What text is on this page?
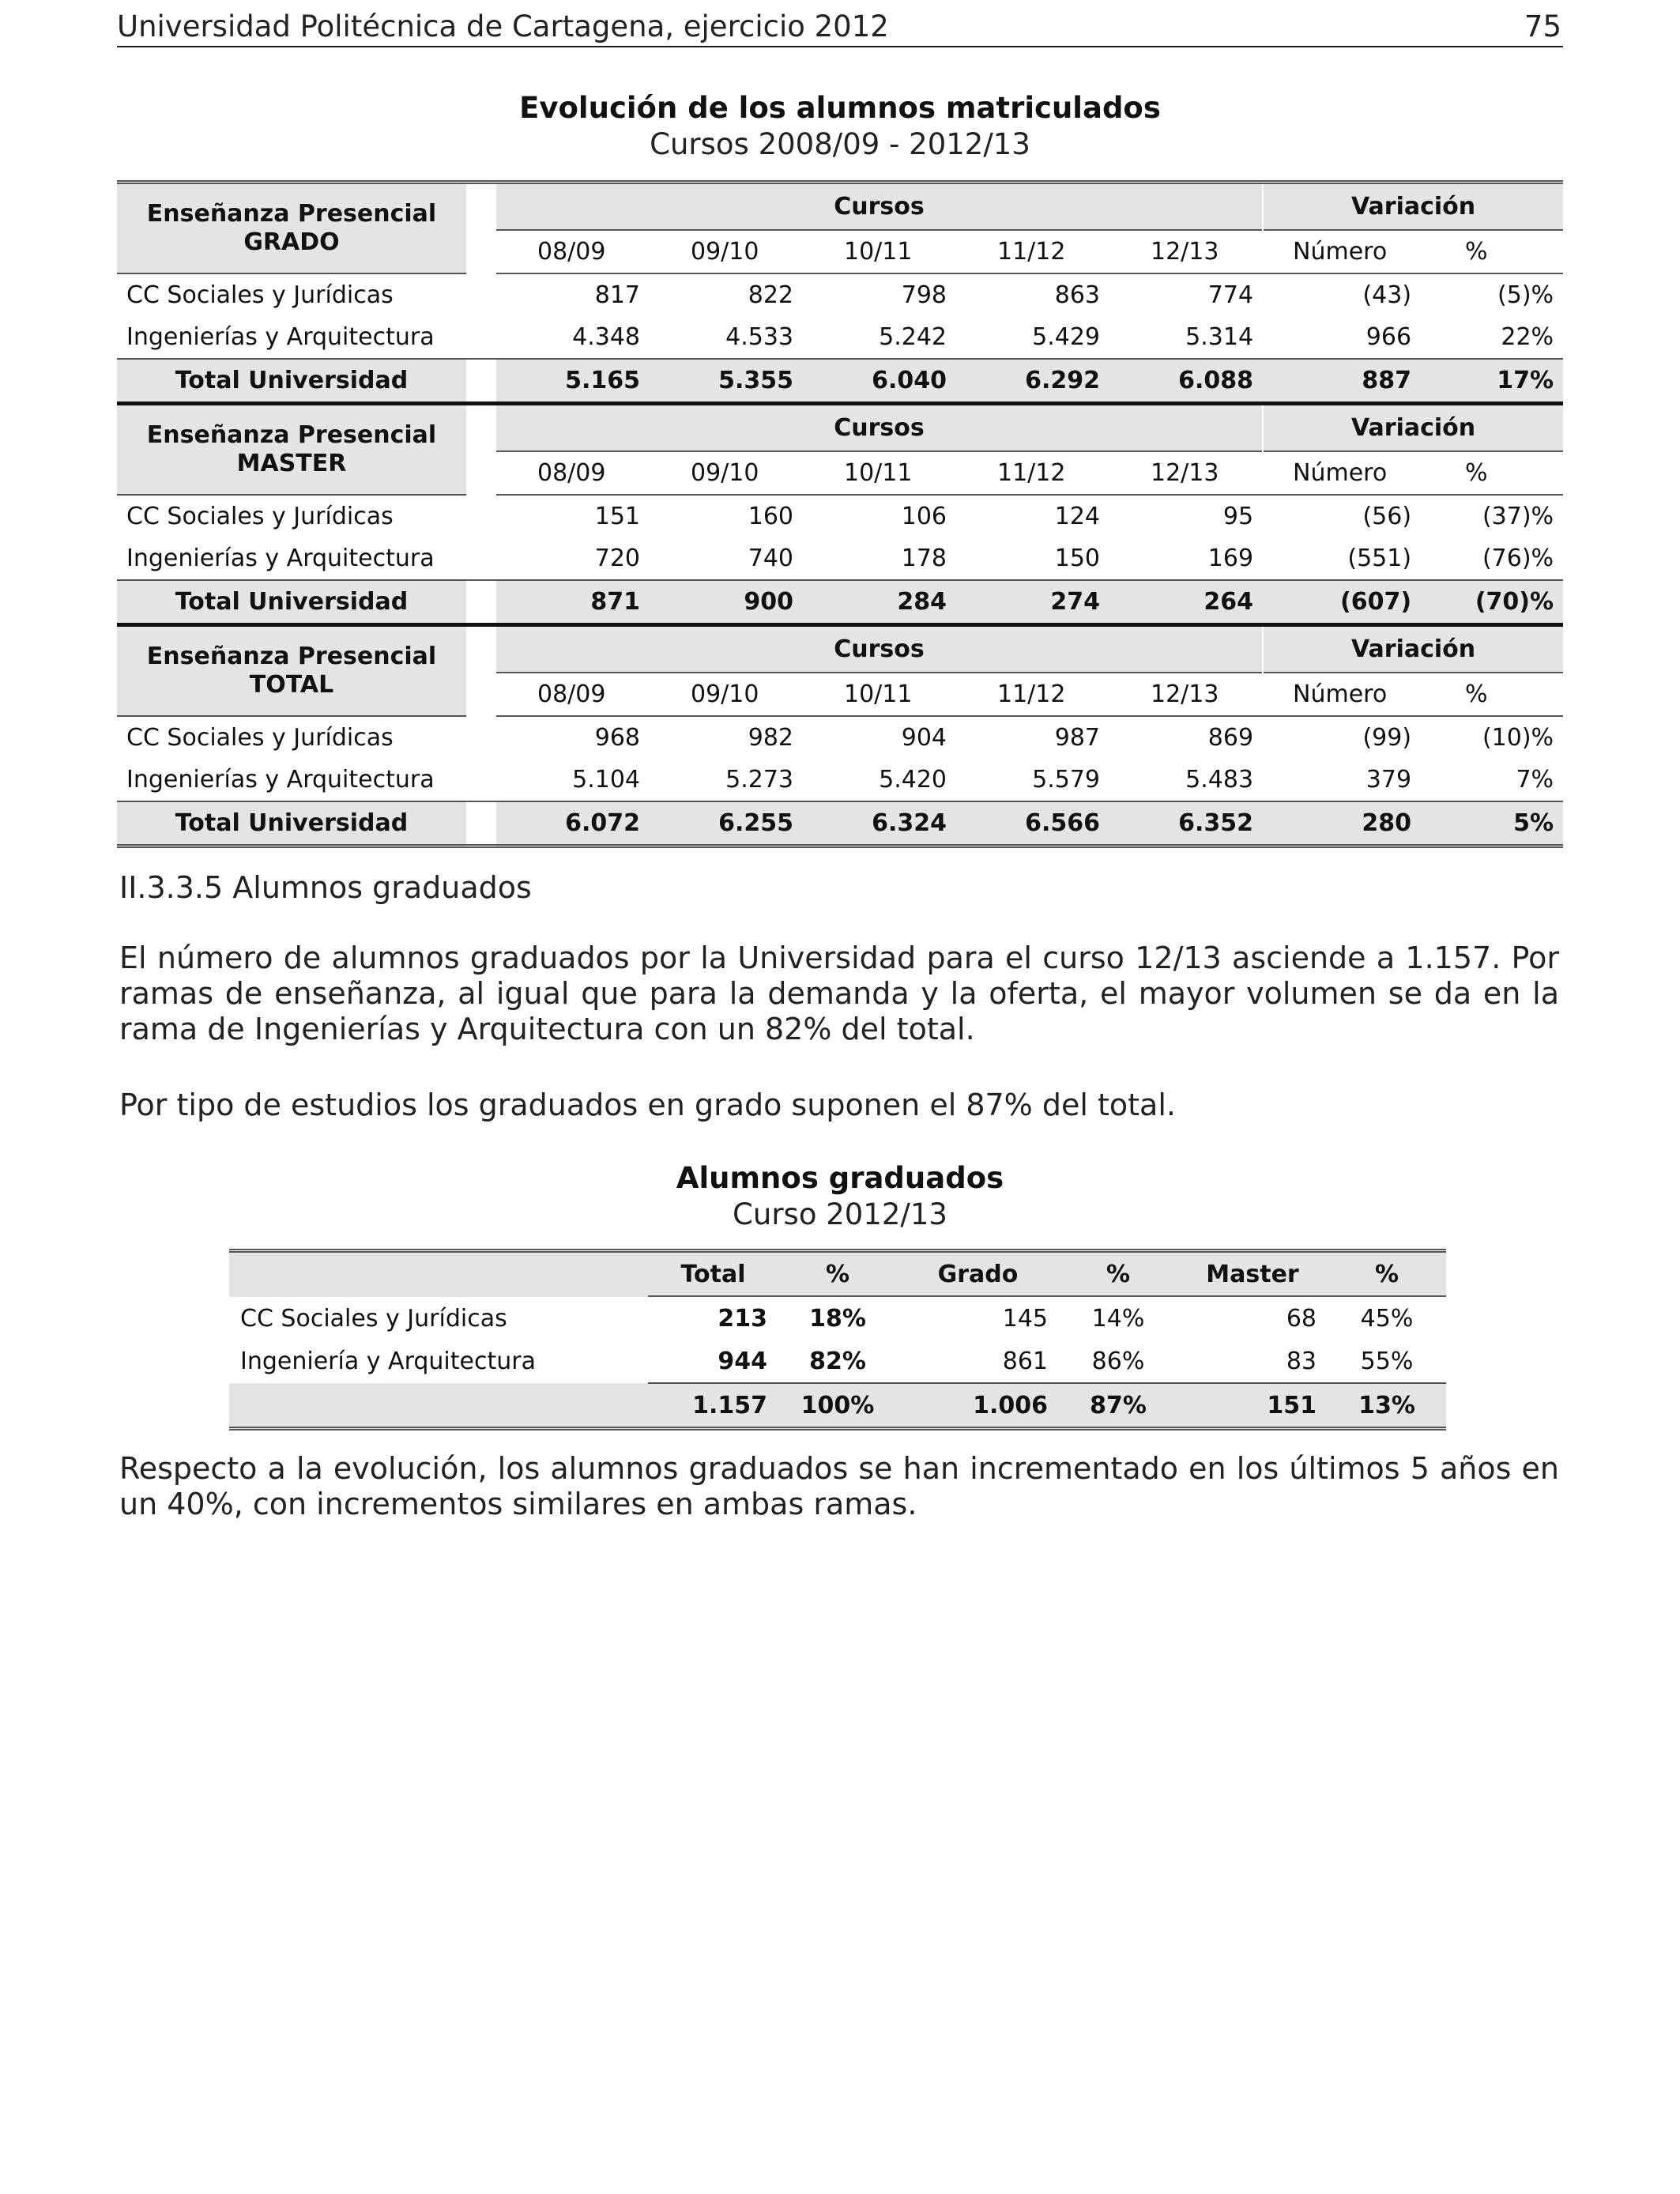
Universidad Politécnica de Cartagena, ejercicio 2012	75
Evolución de los alumnos matriculados
Cursos 2008/09 - 2012/13
Enseñanza Presencial
GRADO		Cursos					Variación	
		08/09	09/10	10/11	11/12	12/13	Número	%
CC Sociales y Jurídicas		817	822	798	863	774	(43)	(5)%
Ingenierías y Arquitectura		4.348	4.533	5.242	5.429	5.314	966	22%
Total Universidad		5.165	5.355	6.040	6.292	6.088	887	17%

Enseñanza Presencial
MASTER		Cursos					Variación	
		08/09	09/10	10/11	11/12	12/13	Número	%
CC Sociales y Jurídicas		151	160	106	124	95	(56)	(37)%
Ingenierías y Arquitectura		720	740	178	150	169	(551)	(76)%
Total Universidad		871	900	284	274	264	(607)	(70)%

Enseñanza Presencial
TOTAL		Cursos					Variación	
		08/09	09/10	10/11	11/12	12/13	Número	%
CC Sociales y Jurídicas		968	982	904	987	869	(99)	(10)%
Ingenierías y Arquitectura		5.104	5.273	5.420	5.579	5.483	379	7%
Total Universidad		6.072	6.255	6.324	6.566	6.352	280	5%
II.3.3.5 Alumnos graduados
El número de alumnos graduados por la Universidad para el curso 12/13 asciende a 1.157. Por ramas de enseñanza, al igual que para la demanda y la oferta, el mayor volumen se da en la rama de Ingenierías y Arquitectura con un 82% del total.
Por tipo de estudios los graduados en grado suponen el 87% del total.
Alumnos graduados
Curso 2012/13
	Total	%	Grado	%	Master	%
CC Sociales y Jurídicas	213	18%	145	14%	68	45%
Ingeniería y Arquitectura	944	82%	861	86%	83	55%
	1.157	100%	1.006	87%	151	13%
Respecto a la evolución, los alumnos graduados se han incrementado en los últimos 5 años en un 40%, con incrementos similares en ambas ramas.
